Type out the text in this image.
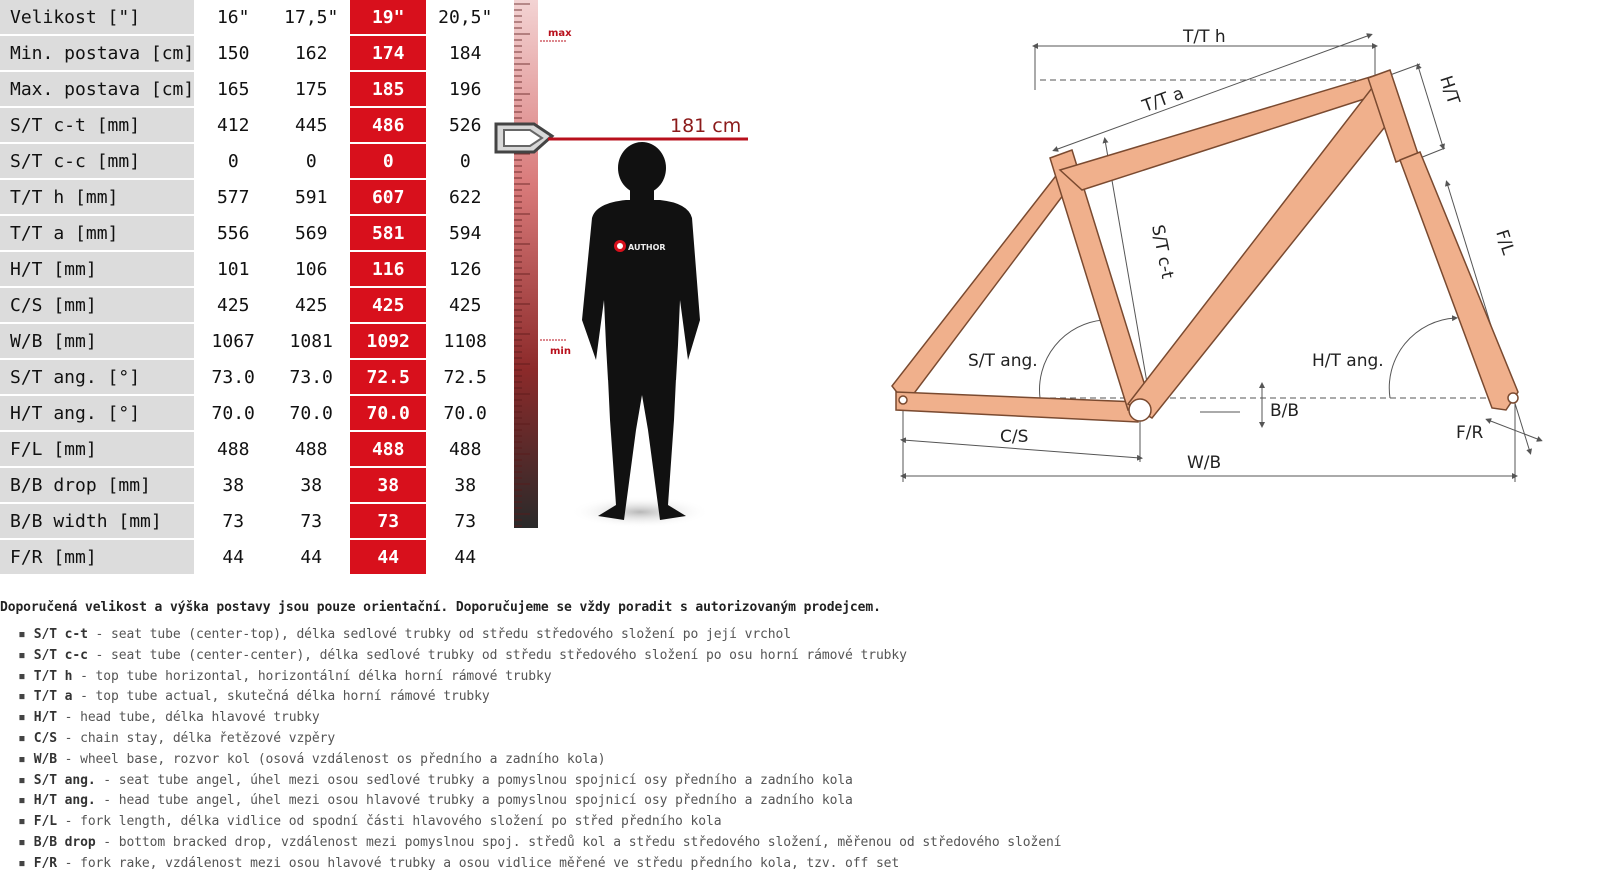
Velikost ["]	16"	17,5"	19"	20,5"
Min. postava [cm]	150	162	174	184
Max. postava [cm]	165	175	185	196
S/T c-t [mm]	412	445	486	526
S/T c-c [mm]	0	0	0	0
T/T h [mm]	577	591	607	622
T/T a [mm]	556	569	581	594
H/T [mm]	101	106	116	126
C/S [mm]	425	425	425	425
W/B [mm]	1067	1081	1092	1108
S/T ang. [°]	73.0	73.0	72.5	72.5
H/T ang. [°]	70.0	70.0	70.0	70.0
F/L [mm]	488	488	488	488
B/B drop [mm]	38	38	38	38
B/B width [mm]	73	73	73	73
F/R [mm]	44	44	44	44
max
min
181 cm
AUTHOR
T/T h
T/T a	H/T
S/T c-t	F/L
S/T ang.	H/T ang.
B/B
C/S	F/R
W/B
Doporučená velikost a výška postavy jsou pouze orientační. Doporučujeme se vždy poradit s autorizovaným prodejcem.
▪ S/T c-t - seat tube (center-top), délka sedlové trubky od středu středového složení po její vrchol
▪ S/T c-c - seat tube (center-center), délka sedlové trubky od středu středového složení po osu horní rámové trubky
▪ T/T h - top tube horizontal, horizontální délka horní rámové trubky
▪ T/T a - top tube actual, skutečná délka horní rámové trubky
▪ H/T - head tube, délka hlavové trubky
▪ C/S - chain stay, délka řetězové vzpěry
▪ W/B - wheel base, rozvor kol (osová vzdálenost os předního a zadního kola)
▪ S/T ang. - seat tube angel, úhel mezi osou sedlové trubky a pomyslnou spojnicí osy předního a zadního kola
▪ H/T ang. - head tube angel, úhel mezi osou hlavové trubky a pomyslnou spojnicí osy předního a zadního kola
▪ F/L - fork length, délka vidlice od spodní části hlavového složení po střed předního kola
▪ B/B drop - bottom bracked drop, vzdálenost mezi pomyslnou spoj. středů kol a středu středového složení, měřenou od středového složení
▪ F/R - fork rake, vzdálenost mezi osou hlavové trubky a osou vidlice měřené ve středu předního kola, tzv. off set
